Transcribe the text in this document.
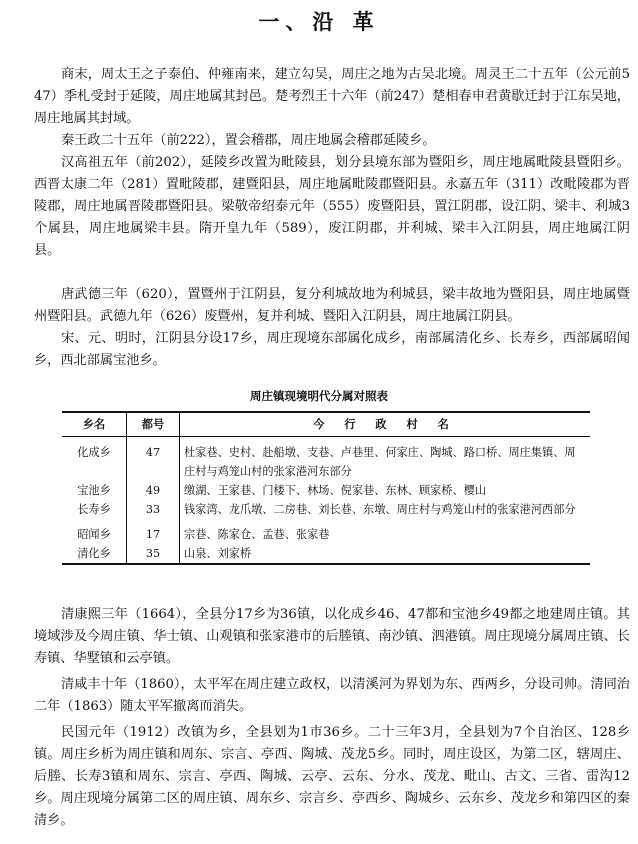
一、沿 革

商末，周太王之子泰伯、仲雍南来，建立勾吴，周庄之地为古吴北境。周灵王二十五年（公元前547）季札受封于延陵，周庄地属其封邑。楚考烈王十六年（前247）楚相春申君黄歇迁封于江东吴地，周庄地属其封域。

秦王政二十五年（前222），置会稽郡，周庄地属会稽郡延陵乡。

汉高祖五年（前202），延陵乡改置为毗陵县，划分县境东部为暨阳乡，周庄地属毗陵县暨阳乡。西晋太康二年（281）置毗陵郡，建暨阳县，周庄地属毗陵郡暨阳县。永嘉五年（311）改毗陵郡为晋陵郡，周庄地属晋陵郡暨阳县。梁敬帝绍泰元年（555）废暨阳县，置江阴郡，设江阴、梁丰、利城3个属县，周庄地属梁丰县。隋开皇九年（589），废江阴郡，并利城、梁丰入江阴县，周庄地属江阴县。

唐武德三年（620），置暨州于江阴县，复分利城故地为利城县，梁丰故地为暨阳县，周庄地属暨州暨阳县。武德九年（626）废暨州，复并利城、暨阳入江阴县，周庄地属江阴县。

宋、元、明时，江阴县分设17乡，周庄现境东部属化成乡，南部属清化乡、长寿乡，西部属昭闻乡，西北部属宝池乡。

周庄镇现境明代分属对照表
乡名	都号	今 行 政 村 名

化成乡	47	杜家巷、史村、赴船墩、支巷、卢巷里、何家庄、陶城、路口桥、周庄集镇、周庄村与鸡笼山村的张家港河东部分
宝池乡	49	缴湖、王家巷、门楼下、林场、倪家巷、东林、顾家桥、樱山
长寿乡	33	钱家湾、龙爪墩、二房巷、刘长巷、东墩、周庄村与鸡笼山村的张家港河西部分

昭闻乡	17	宗巷、陈家仓、孟巷、张家巷
清化乡	35	山泉、刘家桥

清康熙三年（1664），全县分17乡为36镇，以化成乡46、47都和宝池乡49都之地建周庄镇。其境域涉及今周庄镇、华士镇、山观镇和张家港市的后塍镇、南沙镇、泗港镇。周庄现境分属周庄镇、长寿镇、华墅镇和云亭镇。

清咸丰十年（1860），太平军在周庄建立政权，以清溪河为界划为东、西两乡，分设司帅。清同治二年（1863）随太平军撤离而消失。

民国元年（1912）改镇为乡，全县划为1市36乡。二十三年3月，全县划为7个自治区、128乡镇。周庄乡析为周庄镇和周东、宗言、亭西、陶城、茂龙5乡。同时，周庄设区，为第二区，辖周庄、后塍、长寿3镇和周东、宗言、亭西、陶城、云亭、云东、分水、茂龙、毗山、古文、三省、雷沟12乡。周庄现境分属第二区的周庄镇、周东乡、宗言乡、亭西乡、陶城乡、云东乡、茂龙乡和第四区的秦清乡。
